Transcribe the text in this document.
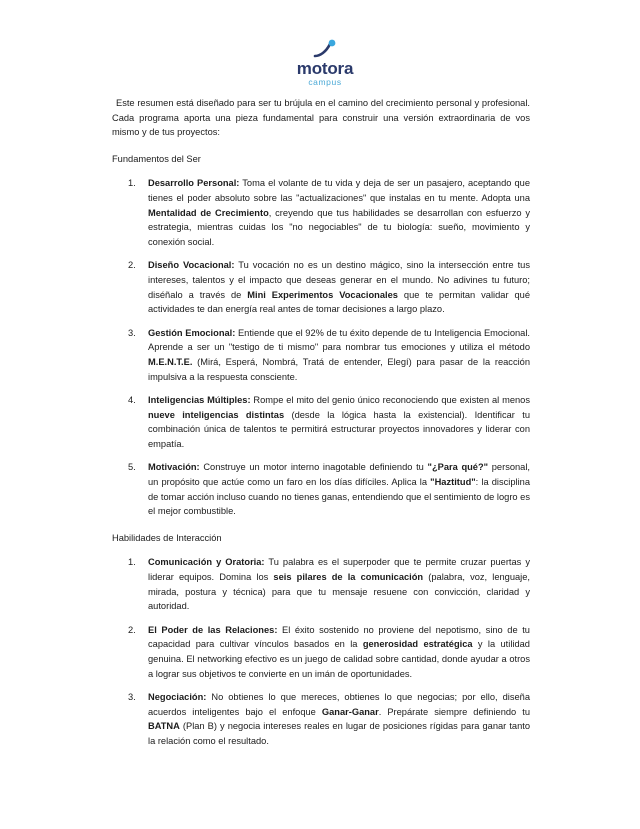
motora
campus

Este resumen está diseñado para ser tu brújula en el camino del crecimiento personal y profesional. Cada programa aporta una pieza fundamental para construir una versión extraordinaria de vos mismo y de tus proyectos:

Fundamentos del Ser
1. Desarrollo Personal: Toma el volante de tu vida y deja de ser un pasajero, aceptando que tienes el poder absoluto sobre las "actualizaciones" que instalas en tu mente. Adopta una Mentalidad de Crecimiento, creyendo que tus habilidades se desarrollan con esfuerzo y estrategia, mientras cuidas los "no negociables" de tu biología: sueño, movimiento y conexión social.
2. Diseño Vocacional: Tu vocación no es un destino mágico, sino la intersección entre tus intereses, talentos y el impacto que deseas generar en el mundo. No adivines tu futuro; diséñalo a través de Mini Experimentos Vocacionales que te permitan validar qué actividades te dan energía real antes de tomar decisiones a largo plazo.
3. Gestión Emocional: Entiende que el 92% de tu éxito depende de tu Inteligencia Emocional. Aprende a ser un "testigo de ti mismo" para nombrar tus emociones y utiliza el método M.E.N.T.E. (Mirá, Esperá, Nombrá, Tratá de entender, Elegí) para pasar de la reacción impulsiva a la respuesta consciente.
4. Inteligencias Múltiples: Rompe el mito del genio único reconociendo que existen al menos nueve inteligencias distintas (desde la lógica hasta la existencial). Identificar tu combinación única de talentos te permitirá estructurar proyectos innovadores y liderar con empatía.
5. Motivación: Construye un motor interno inagotable definiendo tu "¿Para qué?" personal, un propósito que actúe como un faro en los días difíciles. Aplica la "Haztitud": la disciplina de tomar acción incluso cuando no tienes ganas, entendiendo que el sentimiento de logro es el mejor combustible.
Habilidades de Interacción
1. Comunicación y Oratoria: Tu palabra es el superpoder que te permite cruzar puertas y liderar equipos. Domina los seis pilares de la comunicación (palabra, voz, lenguaje, mirada, postura y técnica) para que tu mensaje resuene con convicción, claridad y autoridad.
2. El Poder de las Relaciones: El éxito sostenido no proviene del nepotismo, sino de tu capacidad para cultivar vínculos basados en la generosidad estratégica y la utilidad genuina. El networking efectivo es un juego de calidad sobre cantidad, donde ayudar a otros a lograr sus objetivos te convierte en un imán de oportunidades.
3. Negociación: No obtienes lo que mereces, obtienes lo que negocias; por ello, diseña acuerdos inteligentes bajo el enfoque Ganar-Ganar. Prepárate siempre definiendo tu BATNA (Plan B) y negocia intereses reales en lugar de posiciones rígidas para ganar tanto la relación como el resultado.
